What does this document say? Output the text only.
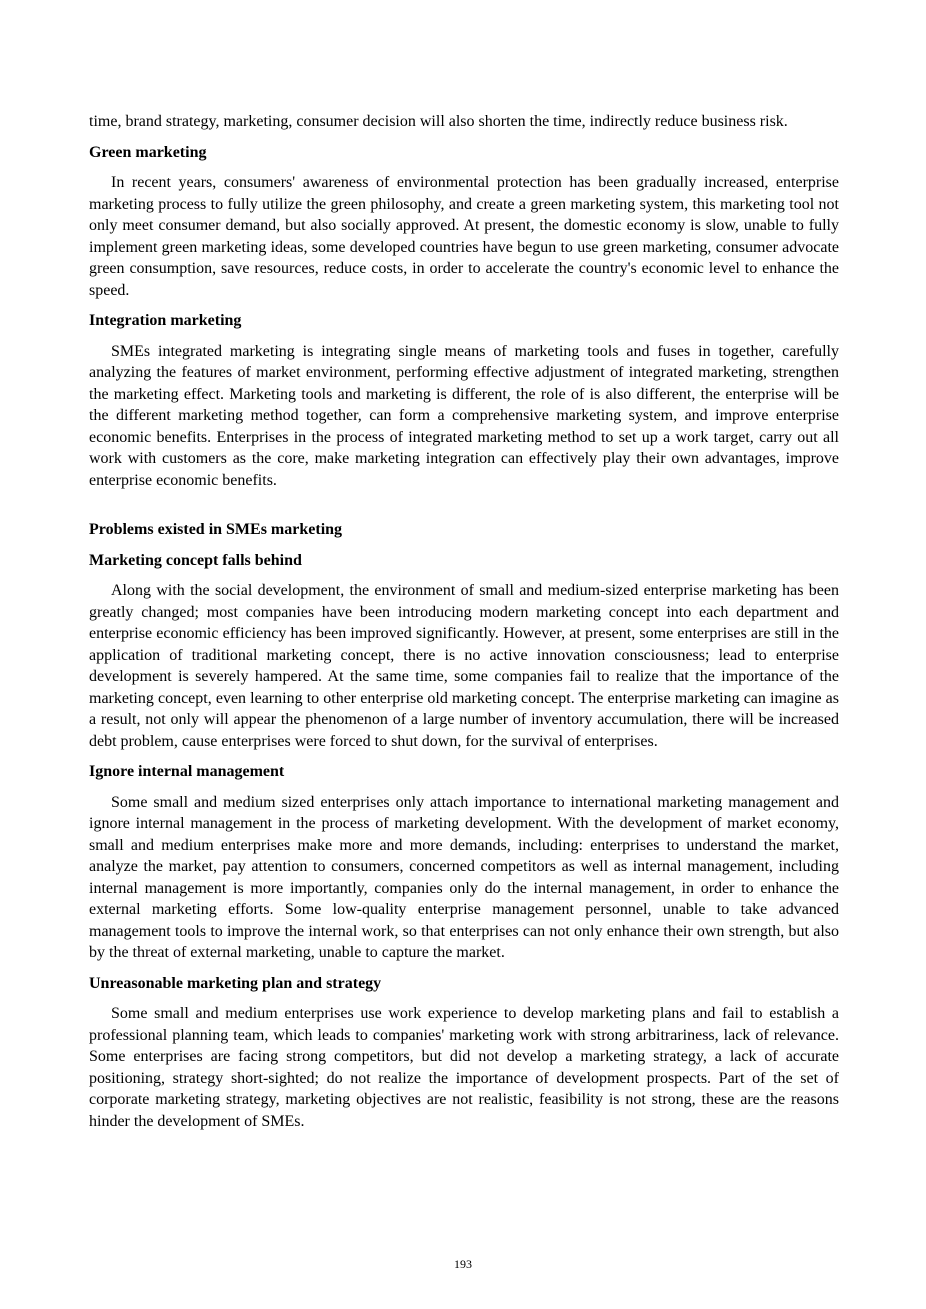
time, brand strategy, marketing, consumer decision will also shorten the time, indirectly reduce business risk.

Green marketing

In recent years, consumers' awareness of environmental protection has been gradually increased, enterprise marketing process to fully utilize the green philosophy, and create a green marketing system, this marketing tool not only meet consumer demand, but also socially approved. At present, the domestic economy is slow, unable to fully implement green marketing ideas, some developed countries have begun to use green marketing, consumer advocate green consumption, save resources, reduce costs, in order to accelerate the country's economic level to enhance the speed.

Integration marketing

SMEs integrated marketing is integrating single means of marketing tools and fuses in together, carefully analyzing the features of market environment, performing effective adjustment of integrated marketing, strengthen the marketing effect. Marketing tools and marketing is different, the role of is also different, the enterprise will be the different marketing method together, can form a comprehensive marketing system, and improve enterprise economic benefits. Enterprises in the process of integrated marketing method to set up a work target, carry out all work with customers as the core, make marketing integration can effectively play their own advantages, improve enterprise economic benefits.

Problems existed in SMEs marketing

Marketing concept falls behind

Along with the social development, the environment of small and medium-sized enterprise marketing has been greatly changed; most companies have been introducing modern marketing concept into each department and enterprise economic efficiency has been improved significantly. However, at present, some enterprises are still in the application of traditional marketing concept, there is no active innovation consciousness; lead to enterprise development is severely hampered. At the same time, some companies fail to realize that the importance of the marketing concept, even learning to other enterprise old marketing concept. The enterprise marketing can imagine as a result, not only will appear the phenomenon of a large number of inventory accumulation, there will be increased debt problem, cause enterprises were forced to shut down, for the survival of enterprises.

Ignore internal management

Some small and medium sized enterprises only attach importance to international marketing management and ignore internal management in the process of marketing development. With the development of market economy, small and medium enterprises make more and more demands, including: enterprises to understand the market, analyze the market, pay attention to consumers, concerned competitors as well as internal management, including internal management is more importantly, companies only do the internal management, in order to enhance the external marketing efforts. Some low-quality enterprise management personnel, unable to take advanced management tools to improve the internal work, so that enterprises can not only enhance their own strength, but also by the threat of external marketing, unable to capture the market.

Unreasonable marketing plan and strategy

Some small and medium enterprises use work experience to develop marketing plans and fail to establish a professional planning team, which leads to companies' marketing work with strong arbitrariness, lack of relevance. Some enterprises are facing strong competitors, but did not develop a marketing strategy, a lack of accurate positioning, strategy short-sighted; do not realize the importance of development prospects. Part of the set of corporate marketing strategy, marketing objectives are not realistic, feasibility is not strong, these are the reasons hinder the development of SMEs.

193
